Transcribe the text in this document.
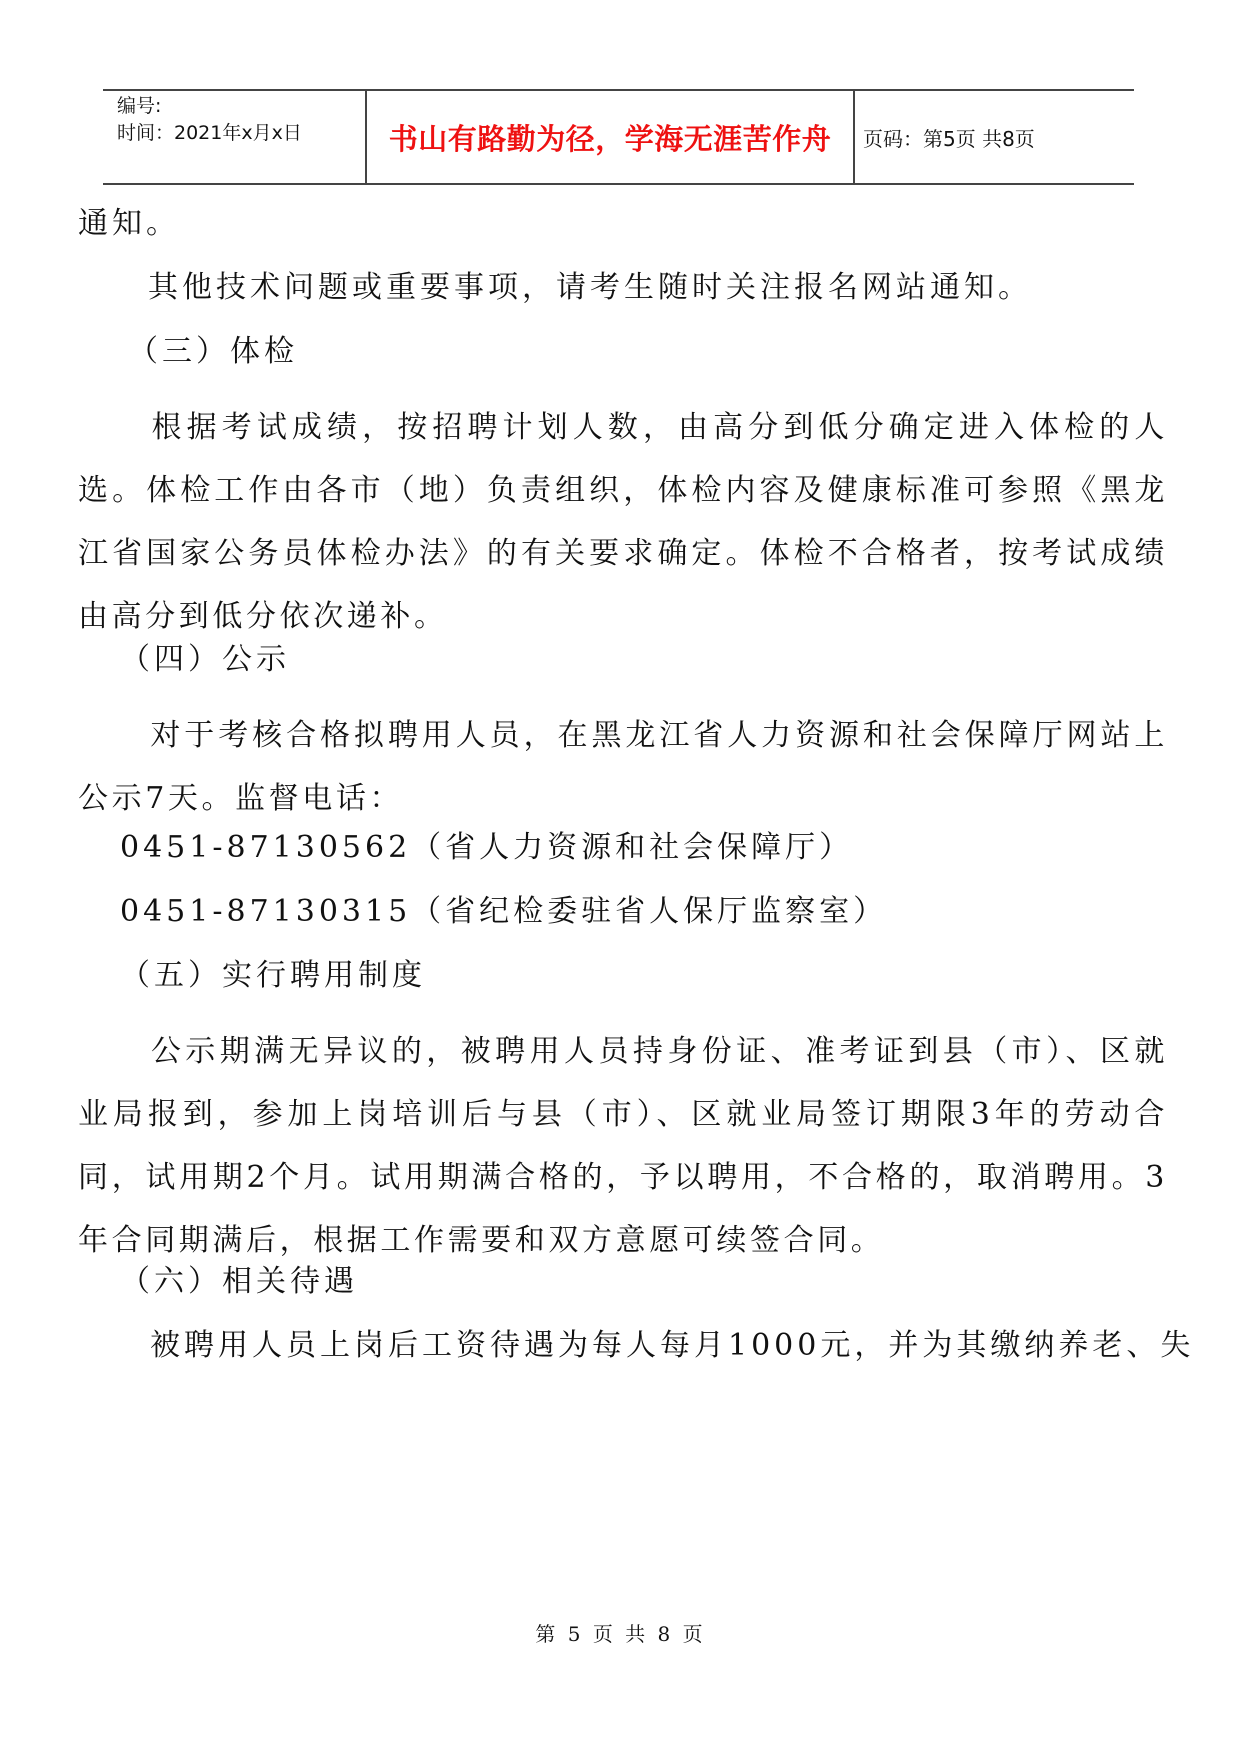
编号:
时间：2021年x月x日	书山有路勤为径，学海无涯苦作舟	页码：第5页 共8页
通知。
其他技术问题或重要事项，请考生随时关注报名网站通知。
（三）体检
根据考试成绩，按招聘计划人数，由高分到低分确定进入体检的人选。体检工作由各市（地）负责组织，体检内容及健康标准可参照《黑龙江省国家公务员体检办法》的有关要求确定。体检不合格者，按考试成绩由高分到低分依次递补。
（四）公示
对于考核合格拟聘用人员，在黑龙江省人力资源和社会保障厅网站上公示7天。监督电话：
0451-87130562（省人力资源和社会保障厅）
0451-87130315（省纪检委驻省人保厅监察室）
（五）实行聘用制度
公示期满无异议的，被聘用人员持身份证、准考证到县（市）、区就业局报到，参加上岗培训后与县（市）、区就业局签订期限3年的劳动合同，试用期2个月。试用期满合格的，予以聘用，不合格的，取消聘用。3年合同期满后，根据工作需要和双方意愿可续签合同。
（六）相关待遇
被聘用人员上岗后工资待遇为每人每月1000元，并为其缴纳养老、失
第 5 页 共 8 页
